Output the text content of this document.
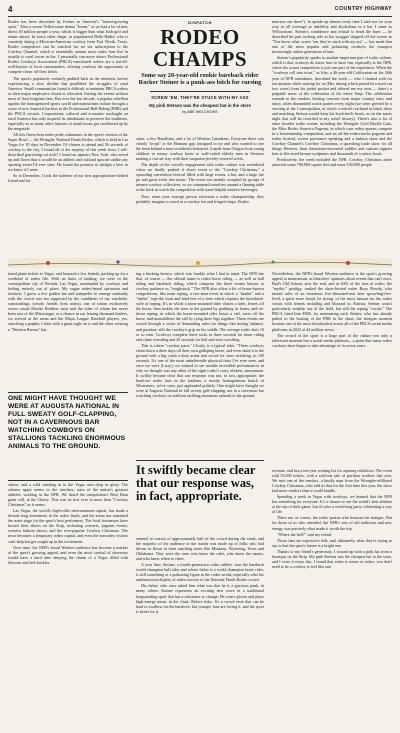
4	COUNTRY HIGHWAY

Rodeo has been described by Forbes as America's "fastest-growing sport." After a recent Yellowstone drama "boom," as we had a lot of new direct 40 million people a year, which is bigger than what both golf and tennis attract. In every other shape, as popularized Bella Hadid, who is currently dating a Mexican-American cowboy from Fort Worth, Texas. Rodeo competitors can be watched for no via subscription to the Cowboy Channel, which is essentially unseen most rodeo fans live in usually is rural towns in the. I personally can more attract Professional Rodeo Cowboys Association (PRCA)-sanctioned rodeos are a not-all-well-known of local communities, offering cowboys the opportunity to compete closer off their fields.

The sport's popularity certainly padded back in the nineteen, before experiencing a slow decline that paralleled the struggles of rural America. Small communities found it difficult to maintain PRCA rodeos as their major employers closed or relocated, leaving the events without most of their longtime fans. But over the last decade, a popular rebellion against the homogenized sports world and mainstream culture brought a wave of new financial backers to the Professional Bull Riding (PBR) and the PRCA circuits. Corporations, cultural and economic onslaught on rural America has only inspired its inhabitants to preserve the traditions, especially so as many other features of small towns got swallowed up by the megaside.

All this flavor beat rodeo pride culminates in the sport's version of the Super Bowl — the Wrangler National Finals Rodeo, which is held in Las Vegas for 10 days in December. I'd chosen to attend and 56 seconds of cowboy to the city, I found all of the majesty of this week from, I self-described gun-toting cat rock? I found an upstairs New York, who saved up and flown that it would be an athletic and cultural upscale unlike any sporting event I'd ever seen. He found the promise to skidgin a beer in we knew if I went.

So in December, I took the stiffener of my best appropriation-clothed friend and his

DISPATCH
RODEO CHAMPS
Some say 20-year-old rookie bareback rider Rocker Steiner is a punk-ass bitch for cursing
SCREW 'EM, THEY'RE STUCK WITH MY ASS
My pink Stetson was the cheapest hat in the store
by ABE WELCHONS

sister, a few Brazilians, and a lot of Western Canadians. Everyone there was clearly "in-pit" or the Humans guy, intrigued to try and who wanted to rise the been behind a most wonderful bolstered. Guards from Oregon from young children in teensy cowboy boots to wall-cutted elderly men in Stetsons making a con-an-way with their turquoise-jewelry-covered wives.

The depth of the crowd's engagement with rodeo culture was revitalized when we finally pushed it down event to the "Cowboy Christmas," a sprawling convention festival filled with large events, a bar, and a large tire pit and great event free music. The event was mainly occupied by groups of intense cowboy collectives, so we consumed ourselves around a flaming table at the back as watch the competition with some helpful outdoor beverages.

Now, when your average person envisions a rodeo championship, they probably imagine a crowd in a cowboy hat and fringed chaps. Rodeo

marriors out there"). In upside up almost every time I said not for your way to all coverage as infidelity and alcoholism in a bar. I same as Yellowstone. Steiner's confidence and refusal to bend the knee — he described his part rocking ride as his swagger dripped off the screen as "You know what, screw 'em, they're stuck with my ass" — has made him one of the most popular and polarizing cowboys the youngest increasingly online generation of fans.

Steiner's popularity speaks to another important part of rodeo culture, which is that cowboys do know how to have fun, especially at the NFR, where the actual competition is just one part of the experience. When the "cowboys roll into town," as Irby, a 46-year-old Californian on his 26th year of NFR attendance, described the week — who I chatted with for ten minutes while waiting for us (Her, during which period he tossed out two wave) from his jacket pocket and offered me my own — there's a palpable sense of the celebration of the entire Strip. The celebration extends to the ranches, hosting concerts from major country stars, and fancy, often dismantled watch parties every night (we were greeted by a viewing at the Cosmopolitan, at which a retired cowhand in black dress and matching Stetson would keep his boyfriend's boots, as on the men's night that will be recorded in my travel history). There's also a lot of other broader rodeo events, including the Wrangler Gold Buckle Gala, the Miss Rodeo America Pageant, in which case rodeo queens compete in a horsemanship competition, and an off-the-rodeo-tracks pageant and rodeo festival, screen poverance speaking and a fashion show and the Cowboy Channel's Cowboy Christmas, a sprawling trade show for all things Western, from rhinestone-encrusted saddles and custom cuppers hats to life-sized bronze sculptures and thousands of cowboy boots.

Predictively, the week included the NFR. Cowboy Christmas alone attracted some 700,000 square feet and some 100,000 people.

itated plane tickets to Vegas, and honored a few friends, packing up for a weekend of rodeo life. With no hints of landing, we were in the cosmopolitan city of Nevada, Las Vegas, surrounded by cowboys and feeling entirely out of place. My vague rodeo-based optimism and instincts. I guess a few golden hat and stampeder to emerge randomly with the crowd was not supported by the conditions of my wardrobe, surroundings, (rowdy friends from rodeo), one of whom exclusively wears casual Brooks Brothers suits and the other of whom has never been east of the Mississippi, or a chance in our leasing thousand leaders, we arrived at the arena and the Major League Baseball players, yes, searching a graphic t-shirt with a giant eagle on it and the other wearing a "Western Racing" hat.

ONE MIGHT HAVE THOUGHT WE WERE AT AUGUSTA NATIONAL IN FULL SWEATY GOLF-CLAPPING, NOT IN A CAVERNOUS BAR WATCHING COWBOYS ON STALLIONS TACKLING ENORMOUS ANIMALS TO THE GROUND.

ing a bucking bronco, which was frankly what I had in mind. The NFR has that, of course — the official name is rodeo horse riding — as well as bull riding and bareback riding, which comprise the three events known in cowboy parlance as "roughstock." The NFR also offers a lot of lesser-known competitions, like team roping, a two-man event in which a "header" and a "heeler" rope the front and hind feet of a steer which requires the horseback-style of roping. It's in which a horse mounted rider chases a steer, leaves off the horse, then tackles the steer to the ground by grabbing its horns; and tie-down roping, in which the horse-mounted rider lassos a calf, races off the horse, and immobilizes the calf by tying three legs together. These events are scored through a series of demanding rules for things like timing, balance, and position; still the cowboy's grip on his saddle. The average rodeo lasts 10 or so runs. Cowboys complete these tasks in three seconds for timer riding and chase wrestling and 45 seconds for bull and steer wrestling.

That is where "cowboy parts." Clearly is a typical rider. "These cowboys clean down a three days off their own galloping horse, and even skate it to the ground with a big crash a dirty arena and crowd for steer wrestling, in 100 seconds. It's one of the most unbelievable physical feats I've ever seen, and once we were (Larry), we wanted to see notable incredible performances in why we thought was any other of the eight rodeo's crazy slickest, amusement. It swiftly became clear that our response was not, in fact, appropriate; the hardcore rodeo fans in the stadium, a mostly homogeneous bunch of Westerners, we've seen, just applauded politely. One might have thought we were at Augusta National in full sweaty golf-clapping, not in a cavernous bar watching cowboys on stallions tackling enormous animals to the ground.

Nevertheless, the NFR's broad Western audience is the sport's growing appeal to mainstream, as bleachers' opinions about events that can't exist. Bud's Old Saloon, now the real, and as 63% of the fans of rodeo, the "mythic" prodigy, ranked the show-hosted rodeo Boys Rowdy, who turned sales of an enormous five-thousand-seat beer sprawling-five-level, a spirit more broad, he strong, of the most famous for the rodeo circuit with friends including and blizzard in, Kansas, Steiner wasn't particularly notably, out of the field, but still the roping "vocals." The PRCA fined him $500, for nominating each Steiner, who has already pulled in the hosting of the PBR in the show, the shotgun moment became one of the most downloaded across all of the PRCA social media platforms in 2022 at 44 million views.

The crowd of the sport is a huge part of the culture not only a television moment but a social media platform—a point that many rodeo cowboys have begun to take advantage of in recent years.

It swiftly became clear that our response was, in fact, appropriate.

sleeve, and a wild winding in to the Vegas ruin drop in glory. The scheme again seems to the ranchers, stars of the nation's greatest athletes, working in the NFR. We heard the competition's Boot Barn grant will, at the Cherry. This was its first ever in more than "Cowboy Christmas" as it seems.

Las Vegas, the world's high-roller entertainment capital, has made a decade-long investment in the rodeo finals, and the arena has remained the main stage for the sport's best performers. The local businesses have hosted their shows on the Strip, including concerts, pageant events, western fashion shows, and the ever-popular Cowboy Christmas. The town becomes a temporary rodeo capital, and even the nonrodeo visitors can't help but get caught up in the excitement.

Over time, the NFR's broad Western audience has become a marker of the sport's growing appeal, and even the most cynical of observers would have a hard time denying the charm of a Vegas filled with Stetsons and belt buckles.

seemed to consist of approximately half of the crowd during the week, and the majority of the audience in the stands was made up of folks who had driven or flown in from ranching states like Montana, Wyoming, Texas and Oklahoma. They were the ones who knew the rules, who knew the names, and who knew when to cheer.

A year later, Steiner, a fourth-generation rodeo athlete, won the bareback world-champion bull rider and whose father is a world champion bronc rider, is still something of a polarizing figure in the rodeo world, especially after his rambunctious display of rodeo success to the National Finals Rodeo crowd.

His father, who once asked him what was that he is a gracious punk, in many others: Steiner represents an exciting new wave in a traditional longstanding sport that has a resistance to change. He wears gloves and plays high-energy music in the chute. Before rides. It's a crowd reset that can be hard to swallow for the hardcore, but younger fans are loving it, and the sport is better for it.

revenue, and has a ten-year waiting list for aspiring exhibitors. The event sold 55,000 tickets, with a sold-out sale of pavilion workers that year. We met one of the vendors, a kindly man from the Wrangler-affiliated Cowboy Christmas, who told us that for the first time this year, the show had more vendors than it could handle.

Spending a week in Vegas with cowboys, we learned that the NFR has something for everyone. It's a chance to see the world's best athletes at the top of their game, but it's also a week-long party celebrating a way of life.

There are, of course, the rodeo purists who bemoan the changes. But for those of us who attended, the NFR's mix of old traditions and new energy was precisely what made it worth the trip.

"Where the hell?" said my friend.

Those fans are expressive folk, and, ultimately, what they're trying to say is that the sport's future is a bright one.

Thanks to my friend's generosity, I wound up with a pink hat from a boutique on the Strip. My pink Stetson was the cheapest hat in the store, and I wore it every day. I found that when it comes to rodeo, you don't need to be a cowboy to feel like one.
